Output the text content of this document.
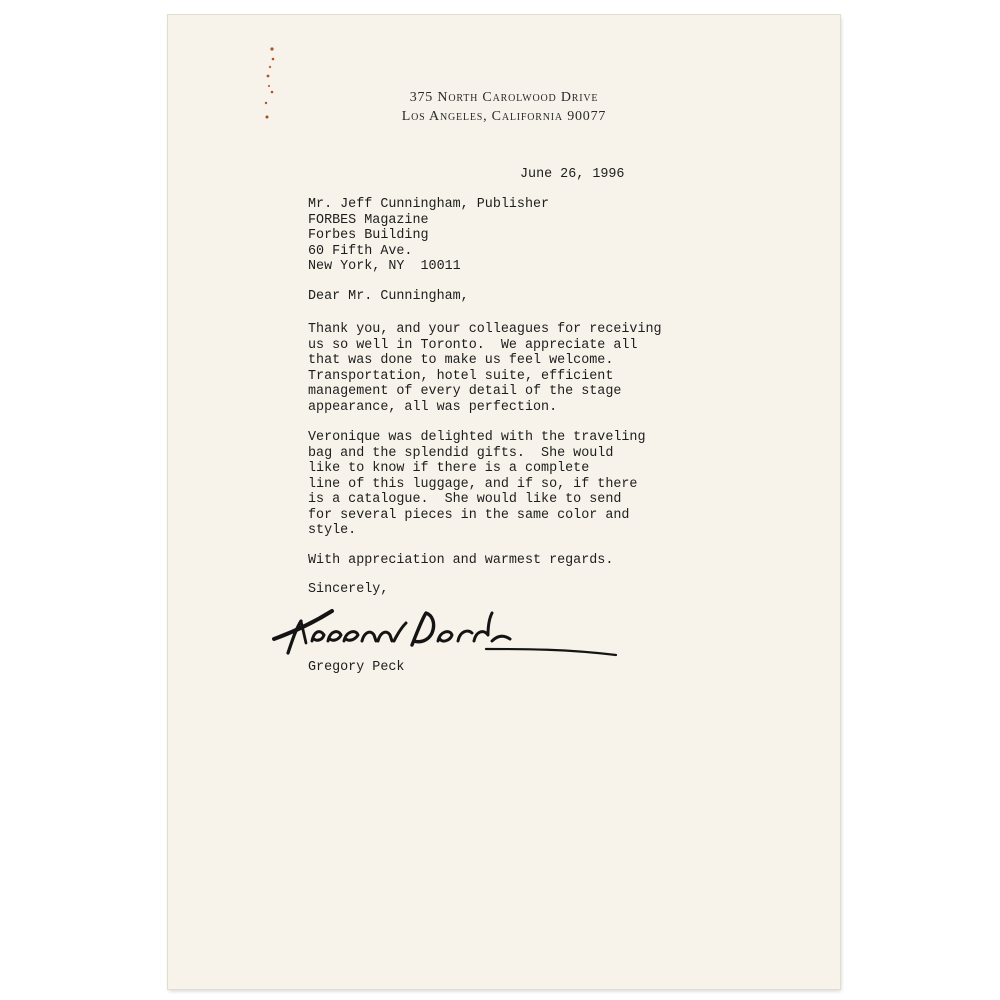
375 North Carolwood Drive
Los Angeles, California 90077
June 26, 1996
Mr. Jeff Cunningham, Publisher
FORBES Magazine
Forbes Building
60 Fifth Ave.
New York, NY  10011
Dear Mr. Cunningham,
Thank you, and your colleagues for receiving
us so well in Toronto.  We appreciate all
that was done to make us feel welcome.
Transportation, hotel suite, efficient
management of every detail of the stage
appearance, all was perfection.
Veronique was delighted with the traveling
bag and the splendid gifts.  She would
like to know if there is a complete
line of this luggage, and if so, if there
is a catalogue.  She would like to send
for several pieces in the same color and
style.
With appreciation and warmest regards.
Sincerely,
Gregory Peck
